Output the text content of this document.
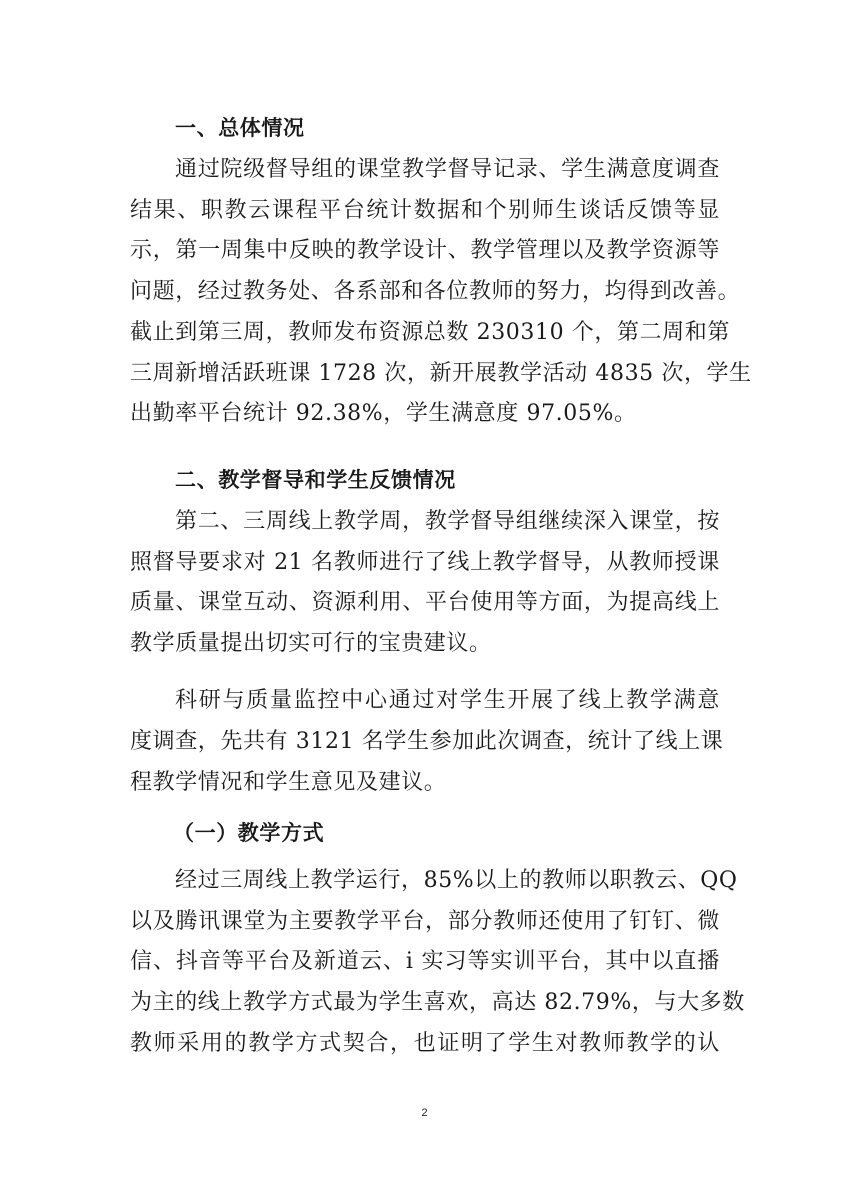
一、总体情况
通过院级督导组的课堂教学督导记录、学生满意度调查
结果、职教云课程平台统计数据和个别师生谈话反馈等显
示，第一周集中反映的教学设计、教学管理以及教学资源等
问题，经过教务处、各系部和各位教师的努力，均得到改善。
截止到第三周，教师发布资源总数 230310 个，第二周和第
三周新增活跃班课 1728 次，新开展教学活动 4835 次，学生
出勤率平台统计 92.38%，学生满意度 97.05%。
二、教学督导和学生反馈情况
第二、三周线上教学周，教学督导组继续深入课堂，按
照督导要求对 21 名教师进行了线上教学督导，从教师授课
质量、课堂互动、资源利用、平台使用等方面，为提高线上
教学质量提出切实可行的宝贵建议。
科研与质量监控中心通过对学生开展了线上教学满意
度调查，先共有 3121 名学生参加此次调查，统计了线上课
程教学情况和学生意见及建议。
（一）教学方式
经过三周线上教学运行，85%以上的教师以职教云、QQ
以及腾讯课堂为主要教学平台，部分教师还使用了钉钉、微
信、抖音等平台及新道云、i 实习等实训平台，其中以直播
为主的线上教学方式最为学生喜欢，高达 82.79%，与大多数
教师采用的教学方式契合，也证明了学生对教师教学的认
2
